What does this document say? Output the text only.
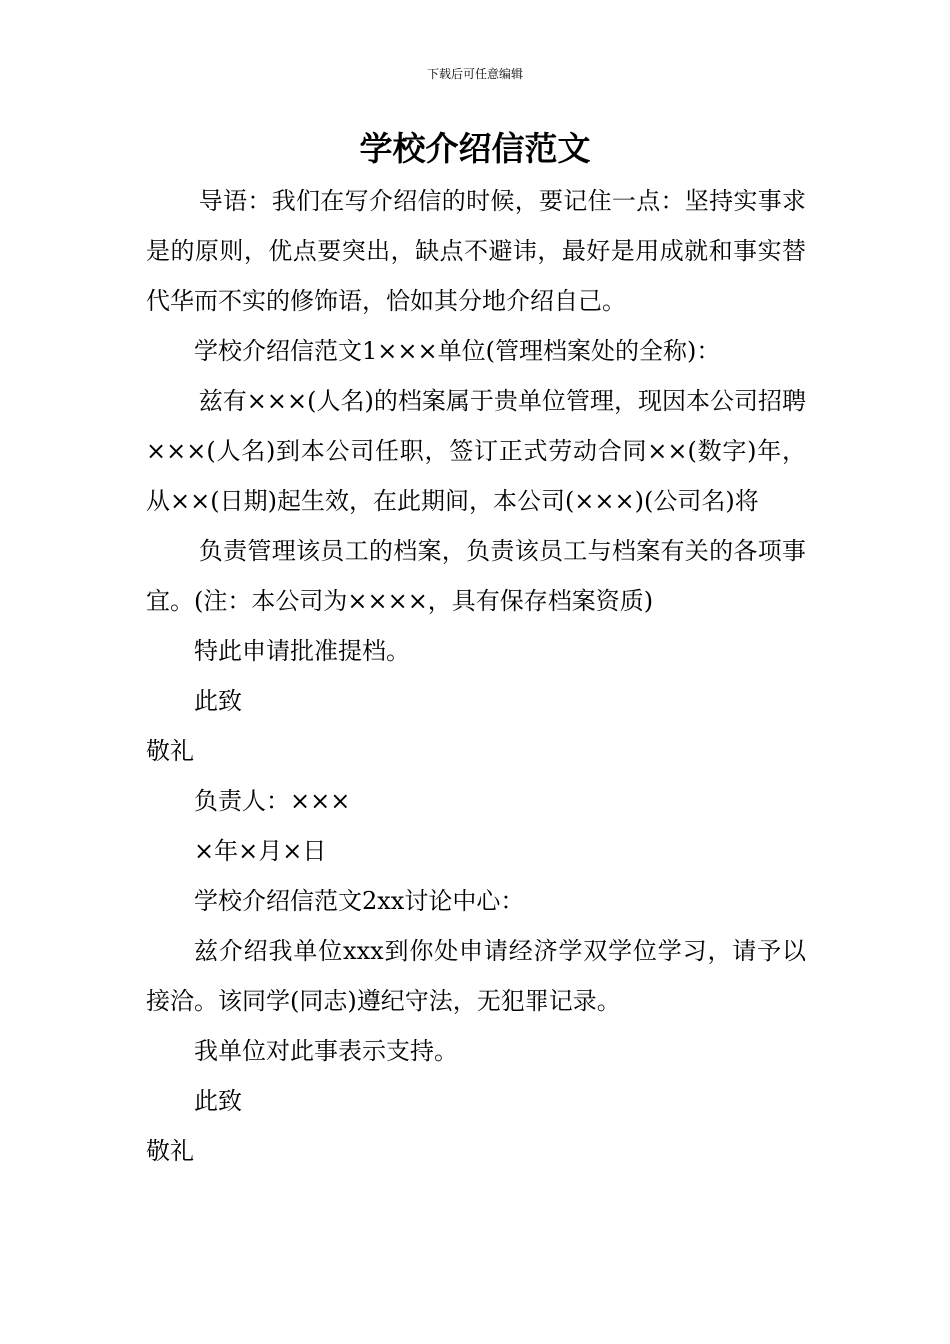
下载后可任意编辑
学校介绍信范文

导语：我们在写介绍信的时候，要记住一点：坚持实事求是的原则，优点要突出，缺点不避讳，最好是用成就和事实替代华而不实的修饰语，恰如其分地介绍自己。

学校介绍信范文1×××单位(管理档案处的全称)：

兹有×××(人名)的档案属于贵单位管理，现因本公司招聘×××(人名)到本公司任职，签订正式劳动合同××(数字)年，从××(日期)起生效，在此期间，本公司(×××)(公司名)将

负责管理该员工的档案，负责该员工与档案有关的各项事宜。(注：本公司为××××，具有保存档案资质)

特此申请批准提档。

此致

敬礼

负责人：×××

×年×月×日

学校介绍信范文2xx讨论中心：

兹介绍我单位xxx到你处申请经济学双学位学习，请予以接洽。该同学(同志)遵纪守法，无犯罪记录。

我单位对此事表示支持。

此致

敬礼
